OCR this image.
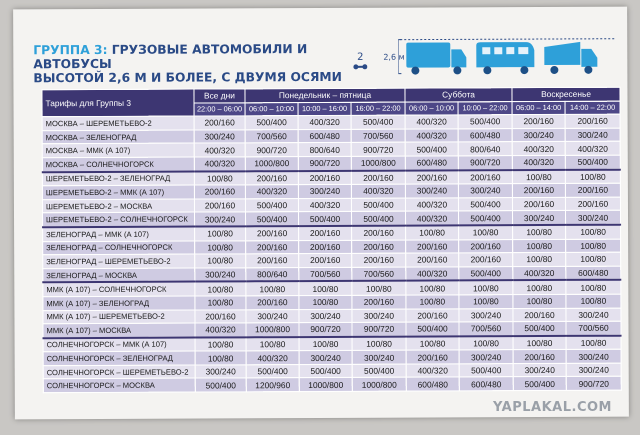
ГРУППА 3: ГРУЗОВЫЕ АВТОМОБИЛИ И АВТОБУСЫ
ВЫСОТОЙ 2,6 М И БОЛЕЕ, С ДВУМЯ ОСЯМИ
2	2,6 м
Тарифы для Группы 3	Все дни	Понедельник – пятница			Суббота		Воскресенье	
	22:00 – 06:00	06:00 – 10:00	10:00 – 16:00	16:00 – 22:00	06:00 – 10:00	10:00 – 22:00	06:00 – 14:00	14:00 – 22:00
МОСКВА – ШЕРЕМЕТЬЕВО-2	200/160	500/400	400/320	500/400	400/320	500/400	200/160	200/160
МОСКВА – ЗЕЛЕНОГРАД	300/240	700/560	600/480	700/560	400/320	600/480	300/240	300/240
МОСКВА – ММК (А 107)	400/320	900/720	800/640	900/720	500/400	800/640	400/320	400/320
МОСКВА – СОЛНЕЧНОГОРСК	400/320	1000/800	900/720	1000/800	600/480	900/720	400/320	500/400
ШЕРЕМЕТЬЕВО-2 – ЗЕЛЕНОГРАД	100/80	200/160	200/160	200/160	200/160	200/160	100/80	100/80
ШЕРЕМЕТЬЕВО-2 – ММК (А 107)	200/160	400/320	300/240	400/320	300/240	300/240	200/160	200/160
ШЕРЕМЕТЬЕВО-2 – МОСКВА	200/160	500/400	400/320	500/400	400/320	500/400	200/160	200/160
ШЕРЕМЕТЬЕВО-2 – СОЛНЕЧНОГОРСК	300/240	500/400	500/400	500/400	400/320	500/400	300/240	300/240
ЗЕЛЕНОГРАД – ММК (А 107)	100/80	200/160	200/160	200/160	100/80	100/80	100/80	100/80
ЗЕЛЕНОГРАД – СОЛНЕЧНОГОРСК	100/80	200/160	200/160	200/160	200/160	200/160	100/80	100/80
ЗЕЛЕНОГРАД – ШЕРЕМЕТЬЕВО-2	100/80	200/160	200/160	200/160	200/160	200/160	100/80	100/80
ЗЕЛЕНОГРАД – МОСКВА	300/240	800/640	700/560	700/560	400/320	500/400	400/320	600/480
ММК (А 107) – СОЛНЕЧНОГОРСК	100/80	100/80	100/80	100/80	100/80	100/80	100/80	100/80
ММК (А 107) – ЗЕЛЕНОГРАД	100/80	200/160	100/80	200/160	100/80	100/80	100/80	100/80
ММК (А 107) – ШЕРЕМЕТЬЕВО-2	200/160	300/240	300/240	300/240	200/160	300/240	200/160	300/240
ММК (А 107) – МОСКВА	400/320	1000/800	900/720	900/720	500/400	700/560	500/400	700/560
СОЛНЕЧНОГОРСК – ММК (А 107)	100/80	100/80	100/80	100/80	100/80	100/80	100/80	100/80
СОЛНЕЧНОГОРСК – ЗЕЛЕНОГРАД	100/80	400/320	300/240	300/240	200/160	300/240	200/160	300/240
СОЛНЕЧНОГОРСК – ШЕРЕМЕТЬЕВО-2	300/240	500/400	500/400	500/400	400/320	500/400	300/240	300/240
СОЛНЕЧНОГОРСК – МОСКВА	500/400	1200/960	1000/800	1000/800	600/480	600/480	500/400	900/720
YAPLAKAL.COM
